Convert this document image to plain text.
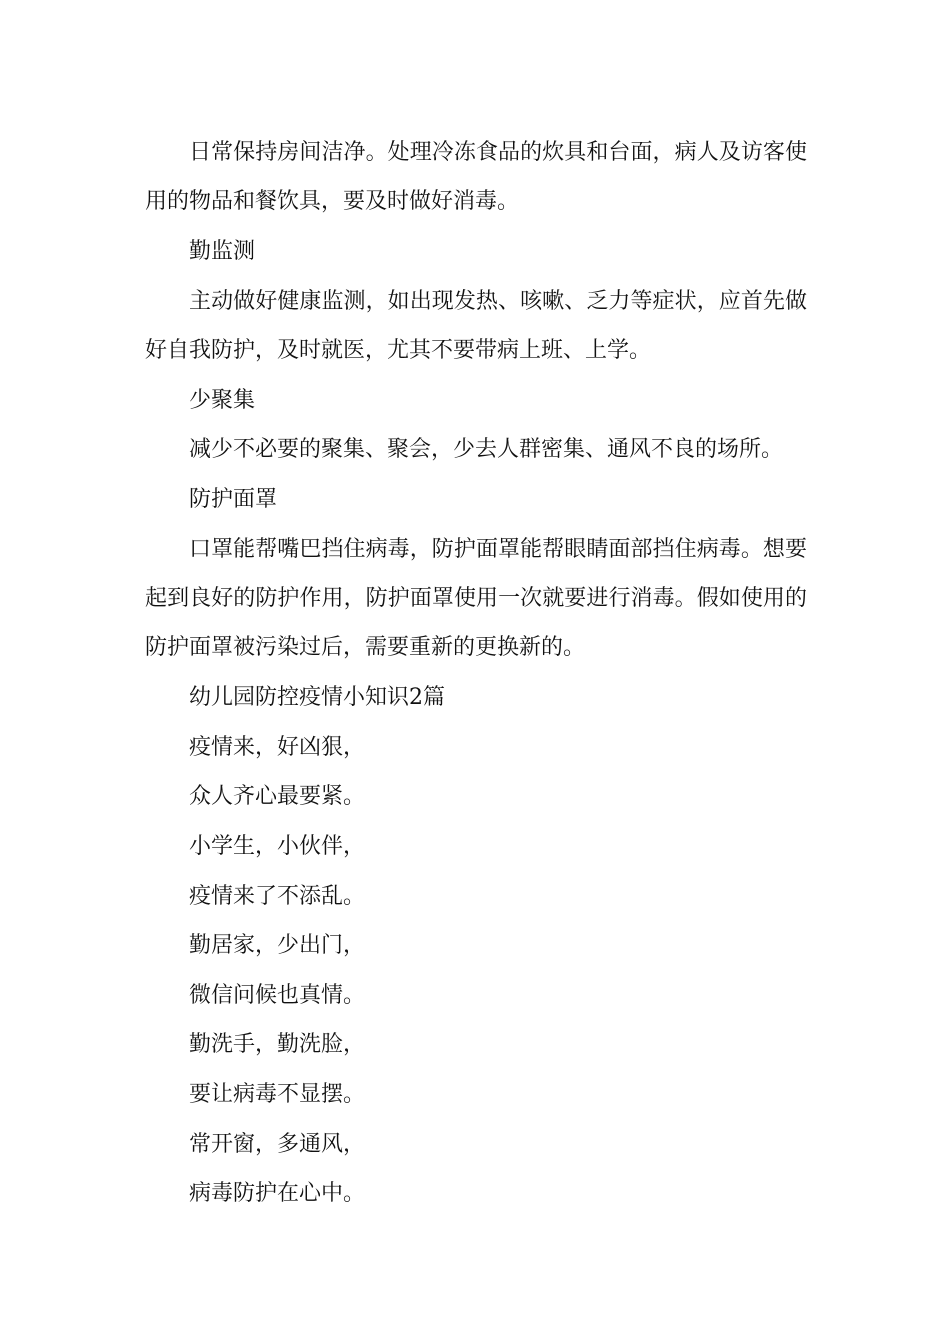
日常保持房间洁净。处理冷冻食品的炊具和台面，病人及访客使用的物品和餐饮具，要及时做好消毒。

勤监测

主动做好健康监测，如出现发热、咳嗽、乏力等症状，应首先做好自我防护，及时就医，尤其不要带病上班、上学。

少聚集

减少不必要的聚集、聚会，少去人群密集、通风不良的场所。

防护面罩

口罩能帮嘴巴挡住病毒，防护面罩能帮眼睛面部挡住病毒。想要起到良好的防护作用，防护面罩使用一次就要进行消毒。假如使用的防护面罩被污染过后，需要重新的更换新的。

幼儿园防控疫情小知识2篇

疫情来，好凶狠，

众人齐心最要紧。

小学生，小伙伴，

疫情来了不添乱。

勤居家，少出门，

微信问候也真情。

勤洗手，勤洗脸，

要让病毒不显摆。

常开窗，多通风，

病毒防护在心中。
